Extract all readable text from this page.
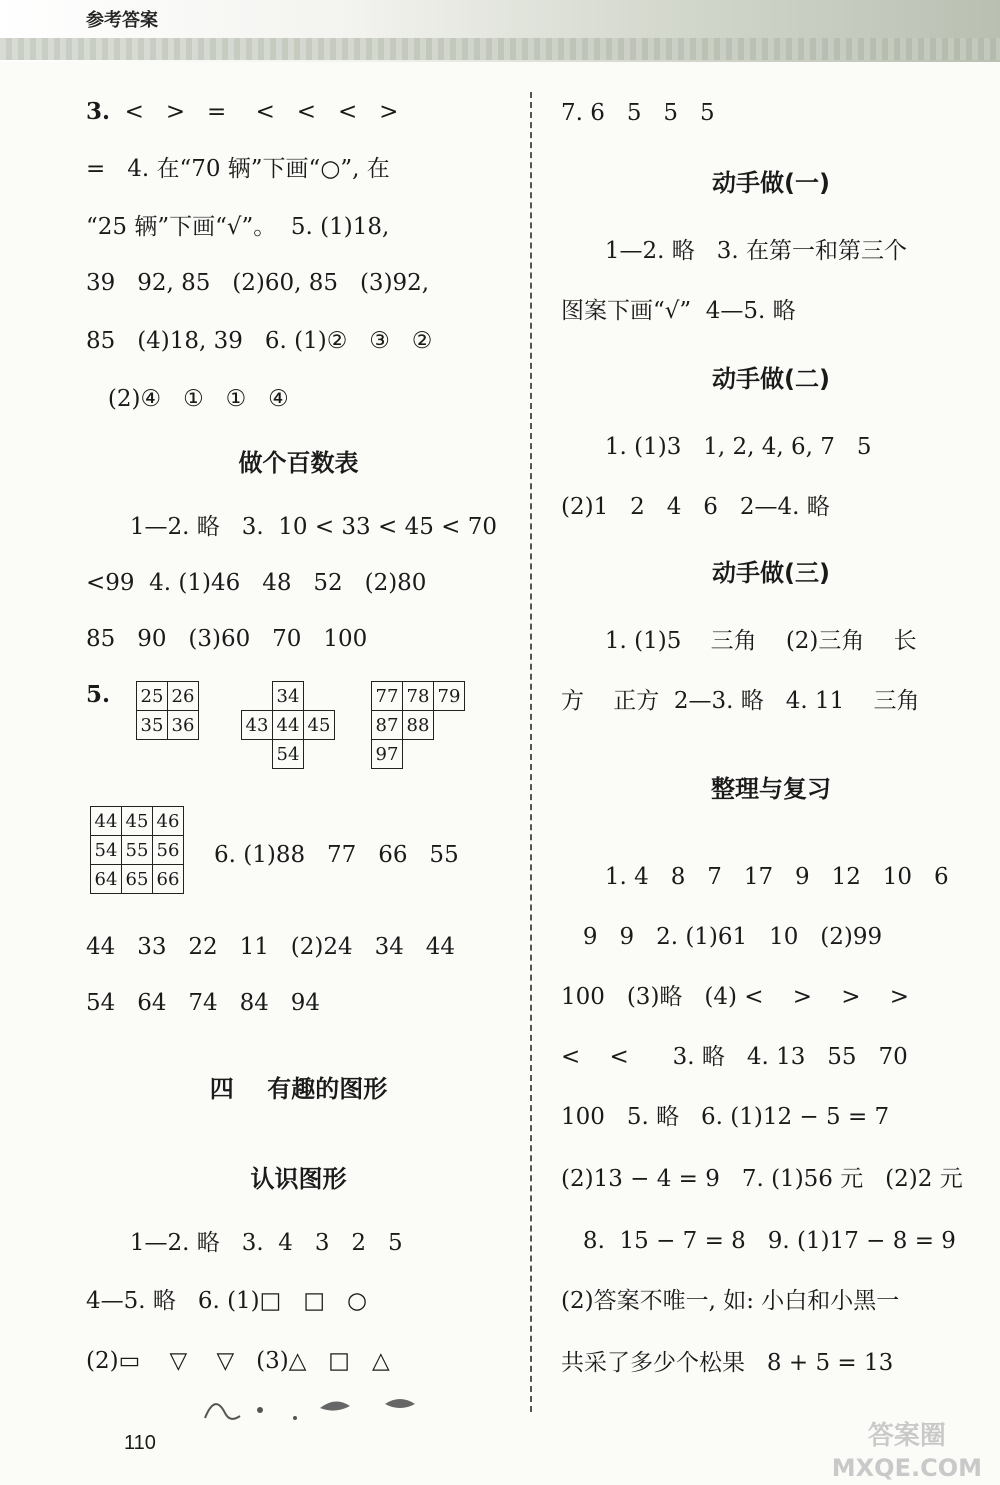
参考答案
3.  <   >   =    <   <   <   >
=   4. 在“70 辆”下画“○”, 在
“25 辆”下画“√”。  5. (1)18,
39   92, 85   (2)60, 85   (3)92,
85   (4)18, 39   6. (1)②   ③   ②
(2)④   ①   ①   ④
做个百数表
1—2. 略   3.  10 < 33 < 45 < 70
<99  4. (1)46   48   52   (2)80
85   90   (3)60   70   100
5. 25	26
35	36
	34	
43	44	45
	54	
77	78	79
87	88	
97		
44	45	46
54	55	56
64	65	66
6. (1)88   77   66   55
44   33   22   11   (2)24   34   44
54   64   74   84   94
四    有趣的图形
认识图形
1—2. 略   3.  4   3   2   5
4—5. 略   6. (1)□   □   ○
(2)▭    ▽    ▽   (3)△   □   △
7. 6   5   5   5
动手做(一)
1—2. 略   3. 在第一和第三个
图案下画“√”  4—5. 略
动手做(二)
1. (1)3   1, 2, 4, 6, 7   5
(2)1   2   4   6   2—4. 略
动手做(三)
1. (1)5    三角    (2)三角    长
方    正方  2—3. 略   4. 11    三角
整理与复习
1. 4   8   7   17   9   12   10   6
9   9   2. (1)61   10   (2)99
100   (3)略   (4) <    >    >    >
<    <      3. 略   4. 13   55   70
100   5. 略   6. (1)12 − 5 = 7
(2)13 − 4 = 9   7. (1)56 元   (2)2 元
8.  15 − 7 = 8   9. (1)17 − 8 = 9
(2)答案不唯一, 如: 小白和小黑一
共采了多少个松果   8 + 5 = 13
110	答案圈
MXQE.COM
